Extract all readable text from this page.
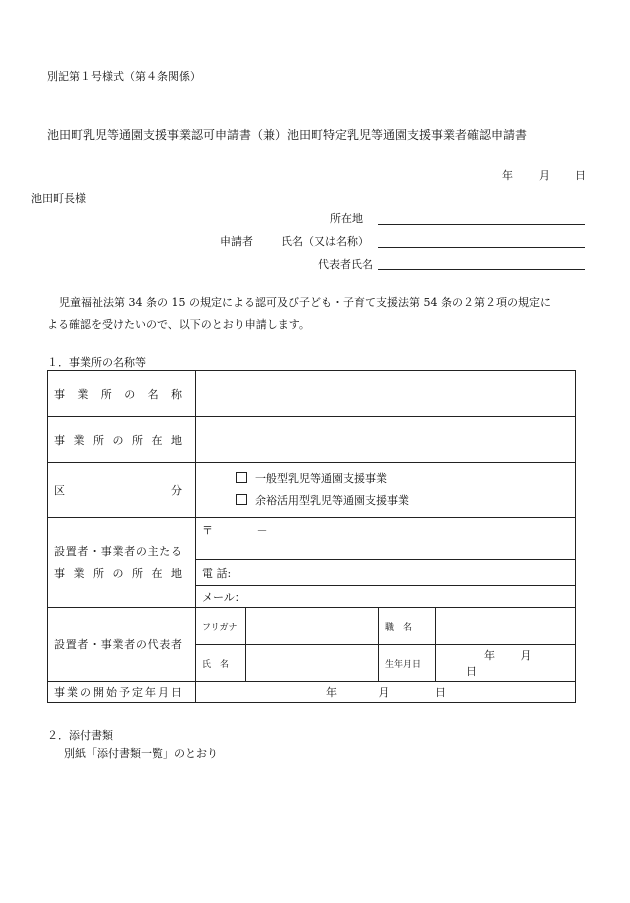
別記第１号様式（第４条関係）
池田町乳児等通園支援事業認可申請書（兼）池田町特定乳児等通園支援事業者確認申請書
年 月 日
池田町長様
所在地
申請者	氏名（又は名称）
代表者氏名
児童福祉法第 34 条の 15 の規定による認可及び子ども・子育て支援法第 54 条の２第２項の規定に
よる確認を受けたいので、以下のとおり申請します。
１．事業所の名称等
事業所の名称				

事業所の所在地				

区分	一般型乳児等通園支援事業
余裕活用型乳児等通園支援事業			

設置者・事業者の主たる事業所の所在地	〒 －			
	電 話:			
	メール：			

設置者・事業者の代表者	フリガナ		職　名	
	氏　名		生年月日	年 月 日

事業の開始予定年月日	年 月 日			
２．添付書類
別紙「添付書類一覧」のとおり
